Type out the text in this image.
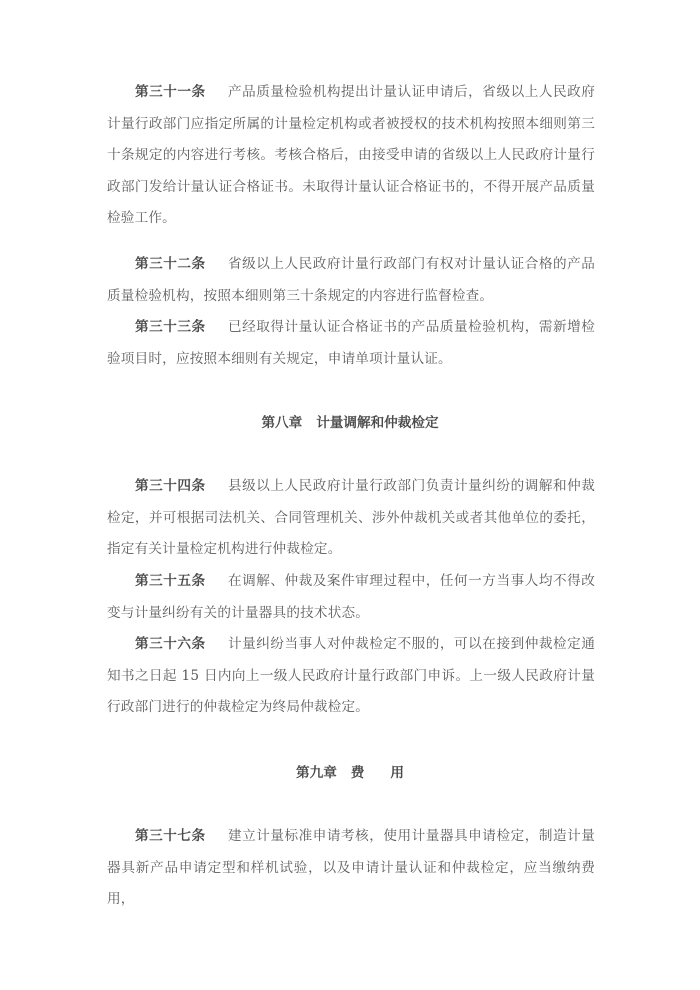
第三十一条 产品质量检验机构提出计量认证申请后，省级以上人民政府计量行政部门应指定所属的计量检定机构或者被授权的技术机构按照本细则第三十条规定的内容进行考核。考核合格后，由接受申请的省级以上人民政府计量行政部门发给计量认证合格证书。未取得计量认证合格证书的，不得开展产品质量检验工作。

第三十二条 省级以上人民政府计量行政部门有权对计量认证合格的产品质量检验机构，按照本细则第三十条规定的内容进行监督检查。

第三十三条 已经取得计量认证合格证书的产品质量检验机构，需新增检验项目时，应按照本细则有关规定，申请单项计量认证。

第八章 计量调解和仲裁检定

第三十四条 县级以上人民政府计量行政部门负责计量纠纷的调解和仲裁检定，并可根据司法机关、合同管理机关、涉外仲裁机关或者其他单位的委托，指定有关计量检定机构进行仲裁检定。

第三十五条 在调解、仲裁及案件审理过程中，任何一方当事人均不得改变与计量纠纷有关的计量器具的技术状态。

第三十六条 计量纠纷当事人对仲裁检定不服的，可以在接到仲裁检定通知书之日起 15 日内向上一级人民政府计量行政部门申诉。上一级人民政府计量行政部门进行的仲裁检定为终局仲裁检定。

第九章 费 用

第三十七条 建立计量标准申请考核，使用计量器具申请检定，制造计量器具新产品申请定型和样机试验，以及申请计量认证和仲裁检定，应当缴纳费用，
